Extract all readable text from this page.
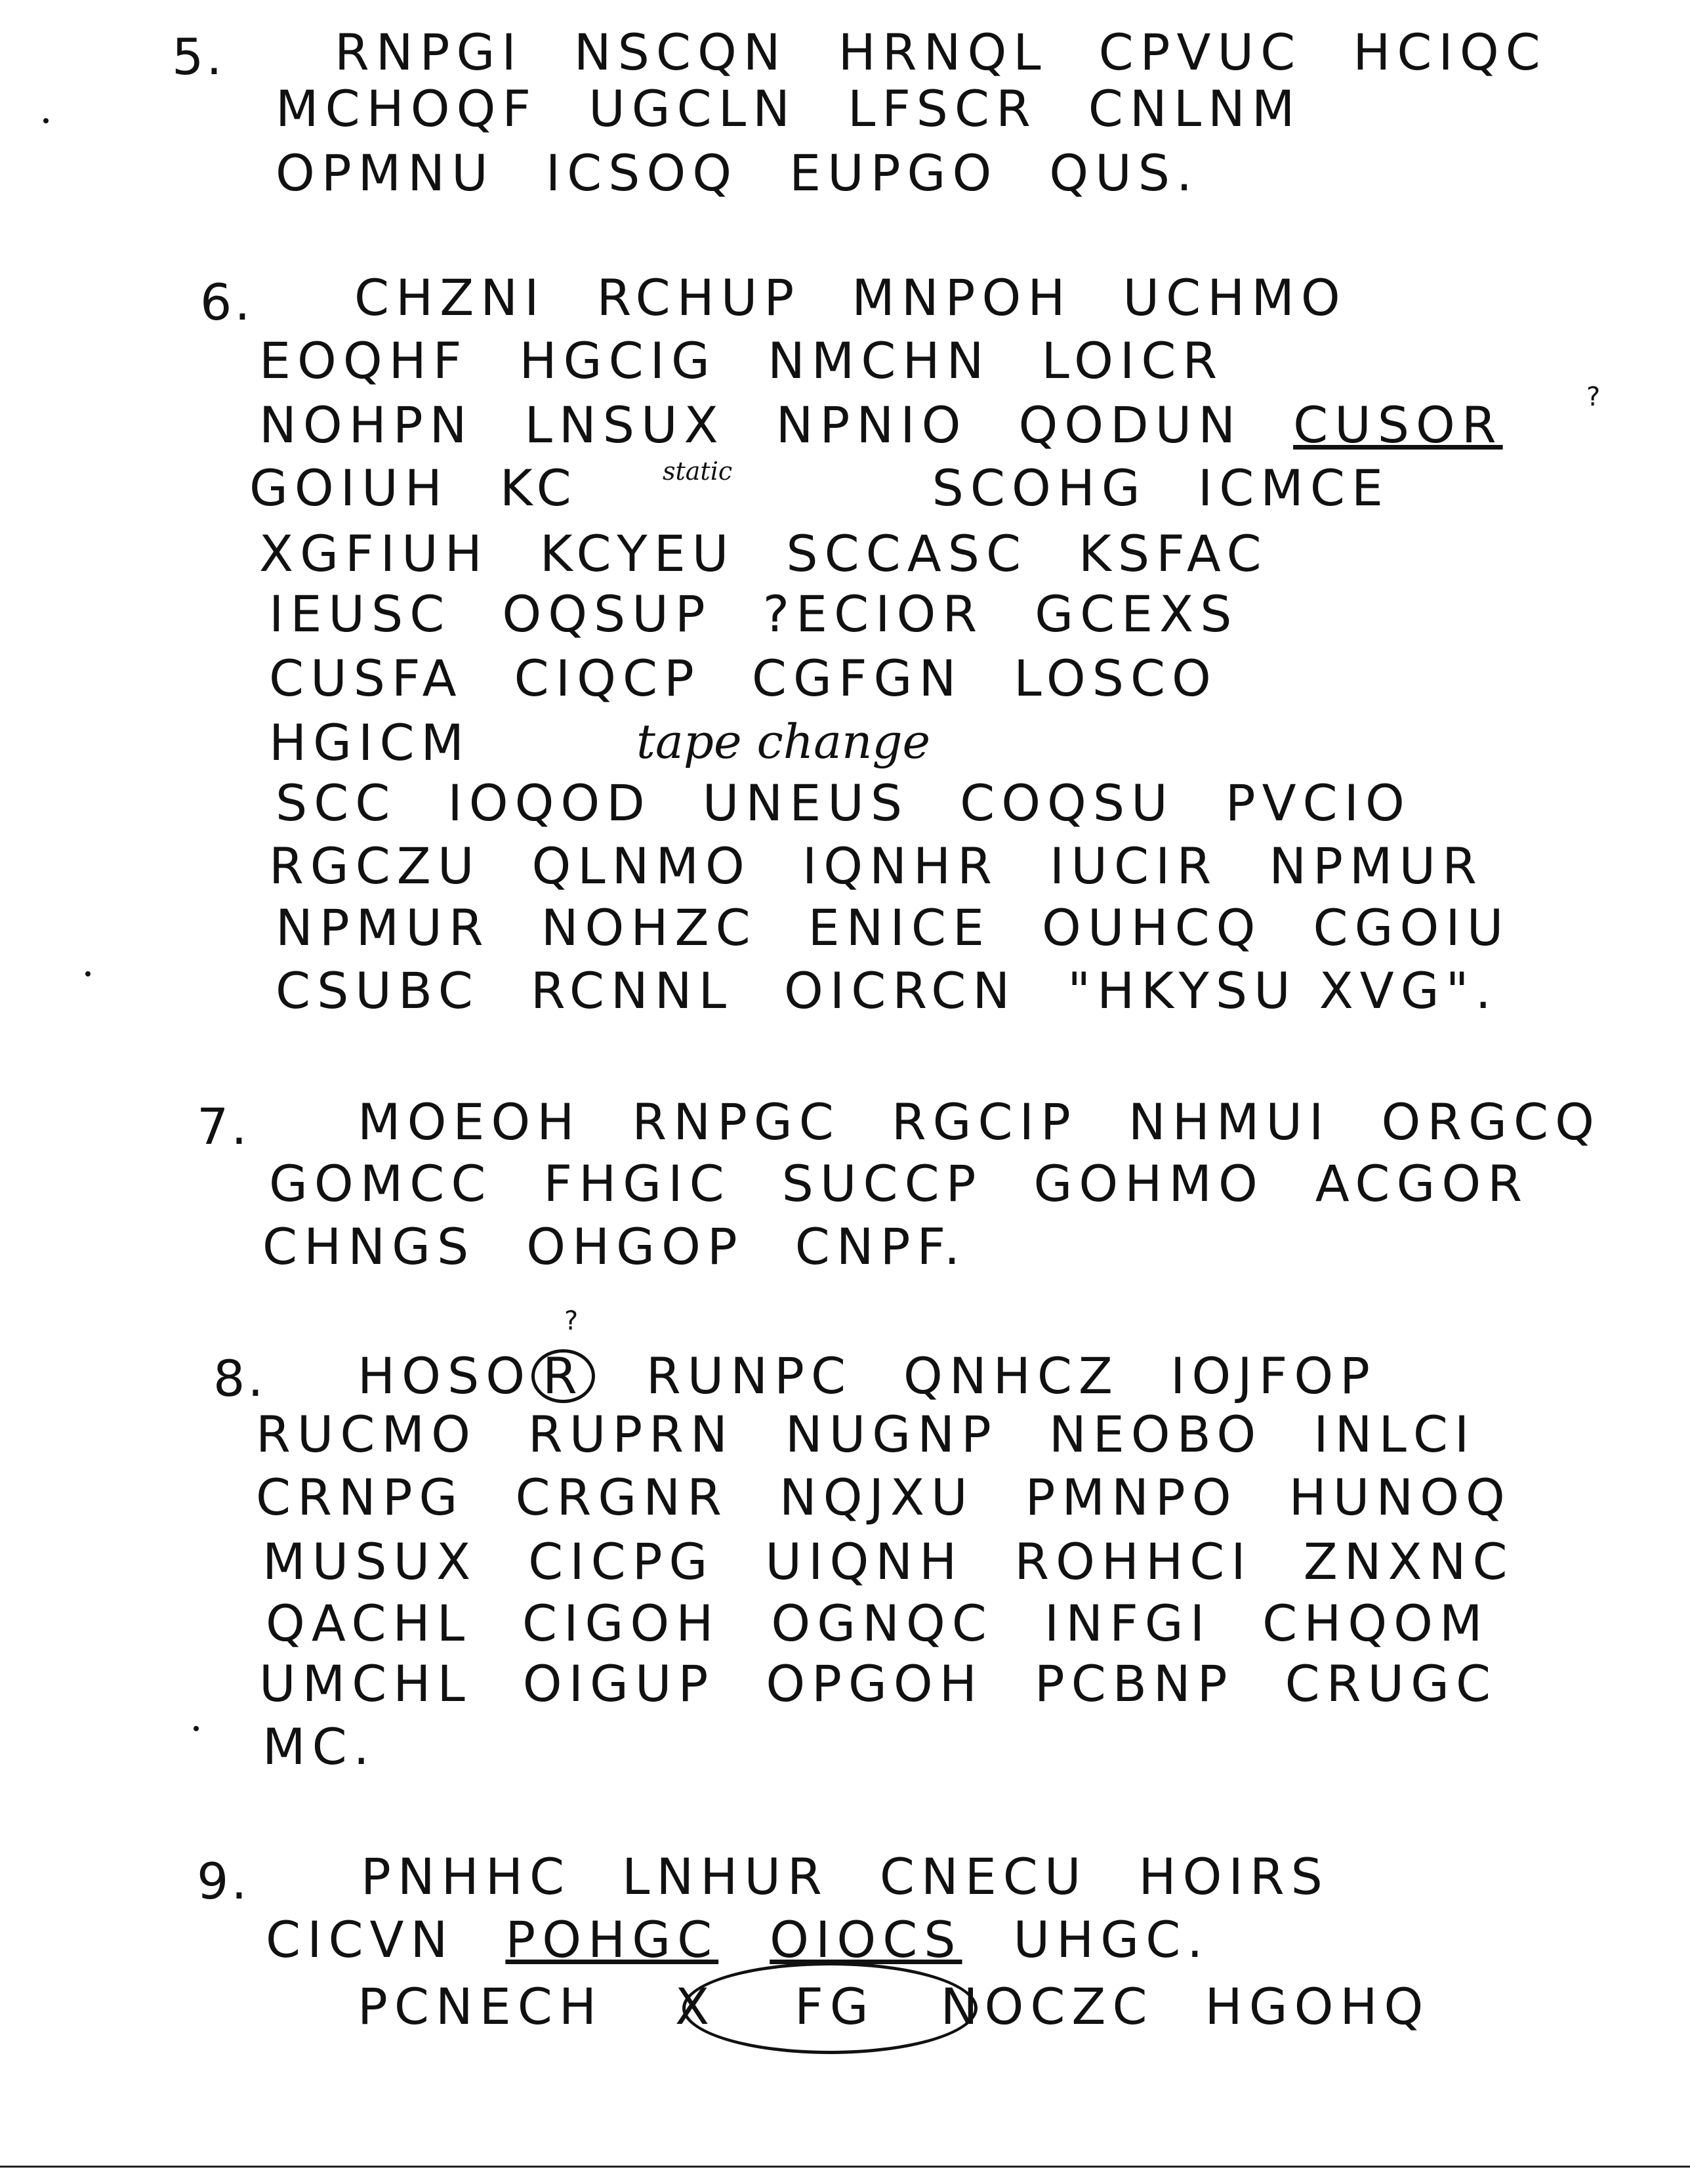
5. RNPGI NSCQN HRNQL CPVUC HCIQC
MCHOQF UGCLN LFSCR CNLNM
OPMNU ICSOQ EUPGO QUS.
6. CHZNI RCHUP MNPOH UCHMO
EOQHF HGCIG NMCHN LOICR
NOHPN LNSUX NPNIO QODUN CUSOR	?
static
GOIUH KC	SCOHG ICMCE
XGFIUH KCYEU SCCASC KSFAC
IEUSC OQSUP ?ECIOR GCEXS
CUSFA CIQCP CGFGN LOSCO
HGICM	tape change
SCC IOQOD UNEUS COQSU PVCIO
RGCZU QLNMO IQNHR IUCIR NPMUR
NPMUR NOHZC ENICE OUHCQ CGOIU
CSUBC RCNNL OICRCN "HKYSU XVG".
7. MOEOH RNPGC RGCIP NHMUI ORGCQ
GOMCC FHGIC SUCCP GOHMO ACGOR
CHNGS OHGOP CNPF.
8. HOSO R RUNPC QNHCZ IOJFOP
?
RUCMO RUPRN NUGNP NEOBO INLCI
CRNPG CRGNR NQJXU PMNPO HUNOQ
MUSUX CICPG UIQNH ROHHCI ZNXNC
QACHL CIGOH OGNQC INFGI CHQOM
UMCHL OIGUP OPGOH PCBNP CRUGC
MC.
9. PNHHC LNHUR CNECU HOIRS
CICVN POHGC OIOCS UHGC.
PCNECH X FG NOCZC HGOHQ
